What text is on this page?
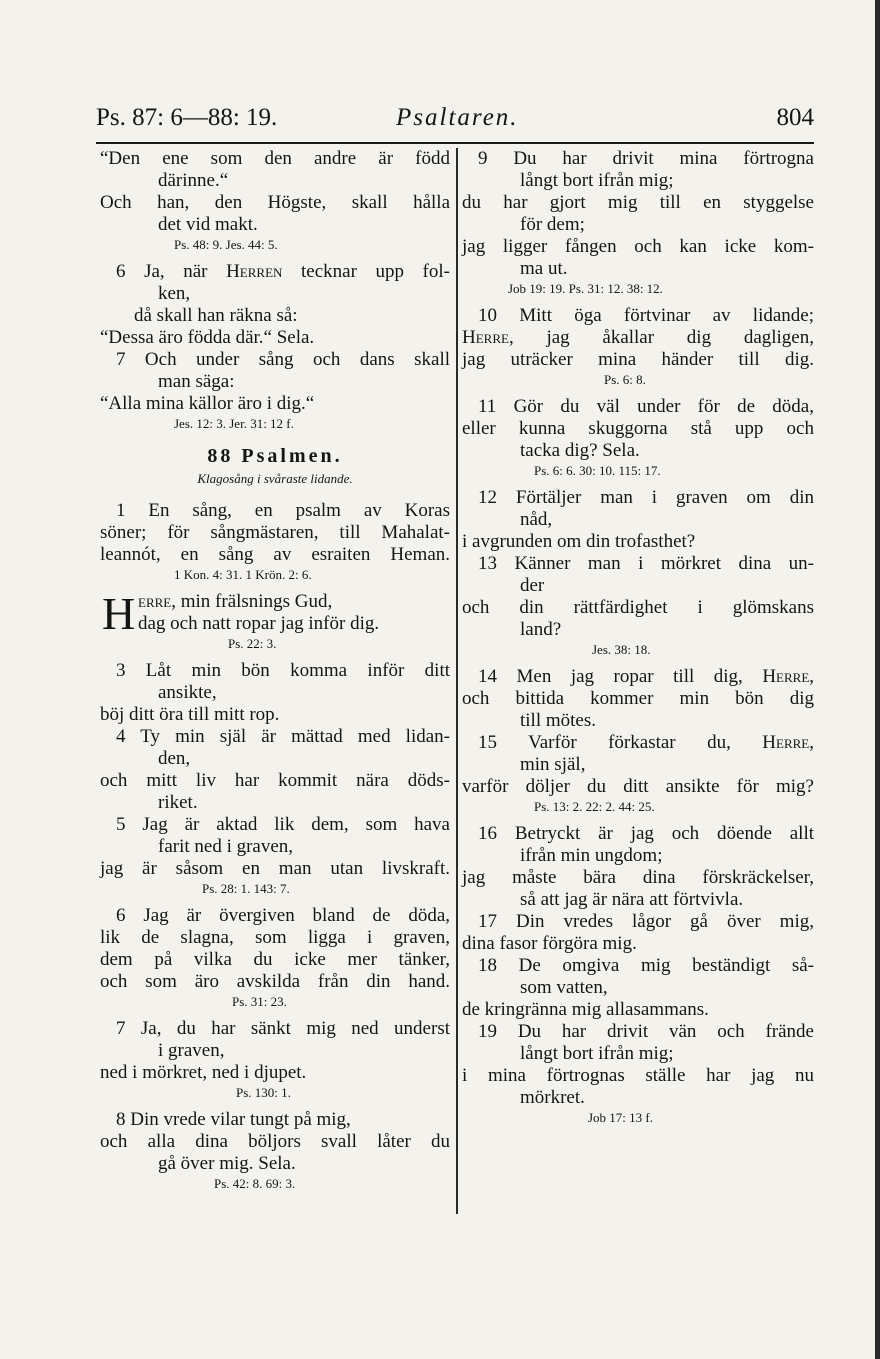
Ps. 87: 6—88: 19.	Psaltaren.	804
“Den ene som den andre är född
därinne.“
Och han, den Högste, skall hålla
det vid makt.
Ps. 48: 9. Jes. 44: 5.
6 Ja, när Herren tecknar upp fol-
ken,
då skall han räkna så:
“Dessa äro födda där.“ Sela.
7 Och under sång och dans skall
man säga:
“Alla mina källor äro i dig.“
Jes. 12: 3. Jer. 31: 12 f.
88 Psalmen.
Klagosång i svåraste lidande.
1 En sång, en psalm av Koras
söner; för sångmästaren, till Mahalat-
leannót, en sång av esraiten Heman.
1 Kon. 4: 31. 1 Krön. 2: 6.
H erre, min frälsnings Gud,
dag och natt ropar jag inför dig.
Ps. 22: 3.
3 Låt min bön komma inför ditt
ansikte,
böj ditt öra till mitt rop.
4 Ty min själ är mättad med lidan-
den,
och mitt liv har kommit nära döds-
riket.
5 Jag är aktad lik dem, som hava
farit ned i graven,
jag är såsom en man utan livskraft.
Ps. 28: 1. 143: 7.
6 Jag är övergiven bland de döda,
lik de slagna, som ligga i graven,
dem på vilka du icke mer tänker,
och som äro avskilda från din hand.
Ps. 31: 23.
7 Ja, du har sänkt mig ned underst
i graven,
ned i mörkret, ned i djupet.
Ps. 130: 1.
8 Din vrede vilar tungt på mig,
och alla dina böljors svall låter du
gå över mig. Sela.
Ps. 42: 8. 69: 3.
9 Du har drivit mina förtrogna
långt bort ifrån mig;
du har gjort mig till en styggelse
för dem;
jag ligger fången och kan icke kom-
ma ut.
Job 19: 19. Ps. 31: 12. 38: 12.
10 Mitt öga förtvinar av lidande;
Herre, jag åkallar dig dagligen,
jag uträcker mina händer till dig.
Ps. 6: 8.
11 Gör du väl under för de döda,
eller kunna skuggorna stå upp och
tacka dig? Sela.
Ps. 6: 6. 30: 10. 115: 17.
12 Förtäljer man i graven om din
nåd,
i avgrunden om din trofasthet?
13 Känner man i mörkret dina un-
der
och din rättfärdighet i glömskans
land?
Jes. 38: 18.
14 Men jag ropar till dig, Herre,
och bittida kommer min bön dig
till mötes.
15 Varför förkastar du, Herre,
min själ,
varför döljer du ditt ansikte för mig?
Ps. 13: 2. 22: 2. 44: 25.
16 Betryckt är jag och döende allt
ifrån min ungdom;
jag måste bära dina förskräckelser,
så att jag är nära att förtvivla.
17 Din vredes lågor gå över mig,
dina fasor förgöra mig.
18 De omgiva mig beständigt så-
som vatten,
de kringränna mig allasammans.
19 Du har drivit vän och frände
långt bort ifrån mig;
i mina förtrognas ställe har jag nu
mörkret.
Job 17: 13 f.
